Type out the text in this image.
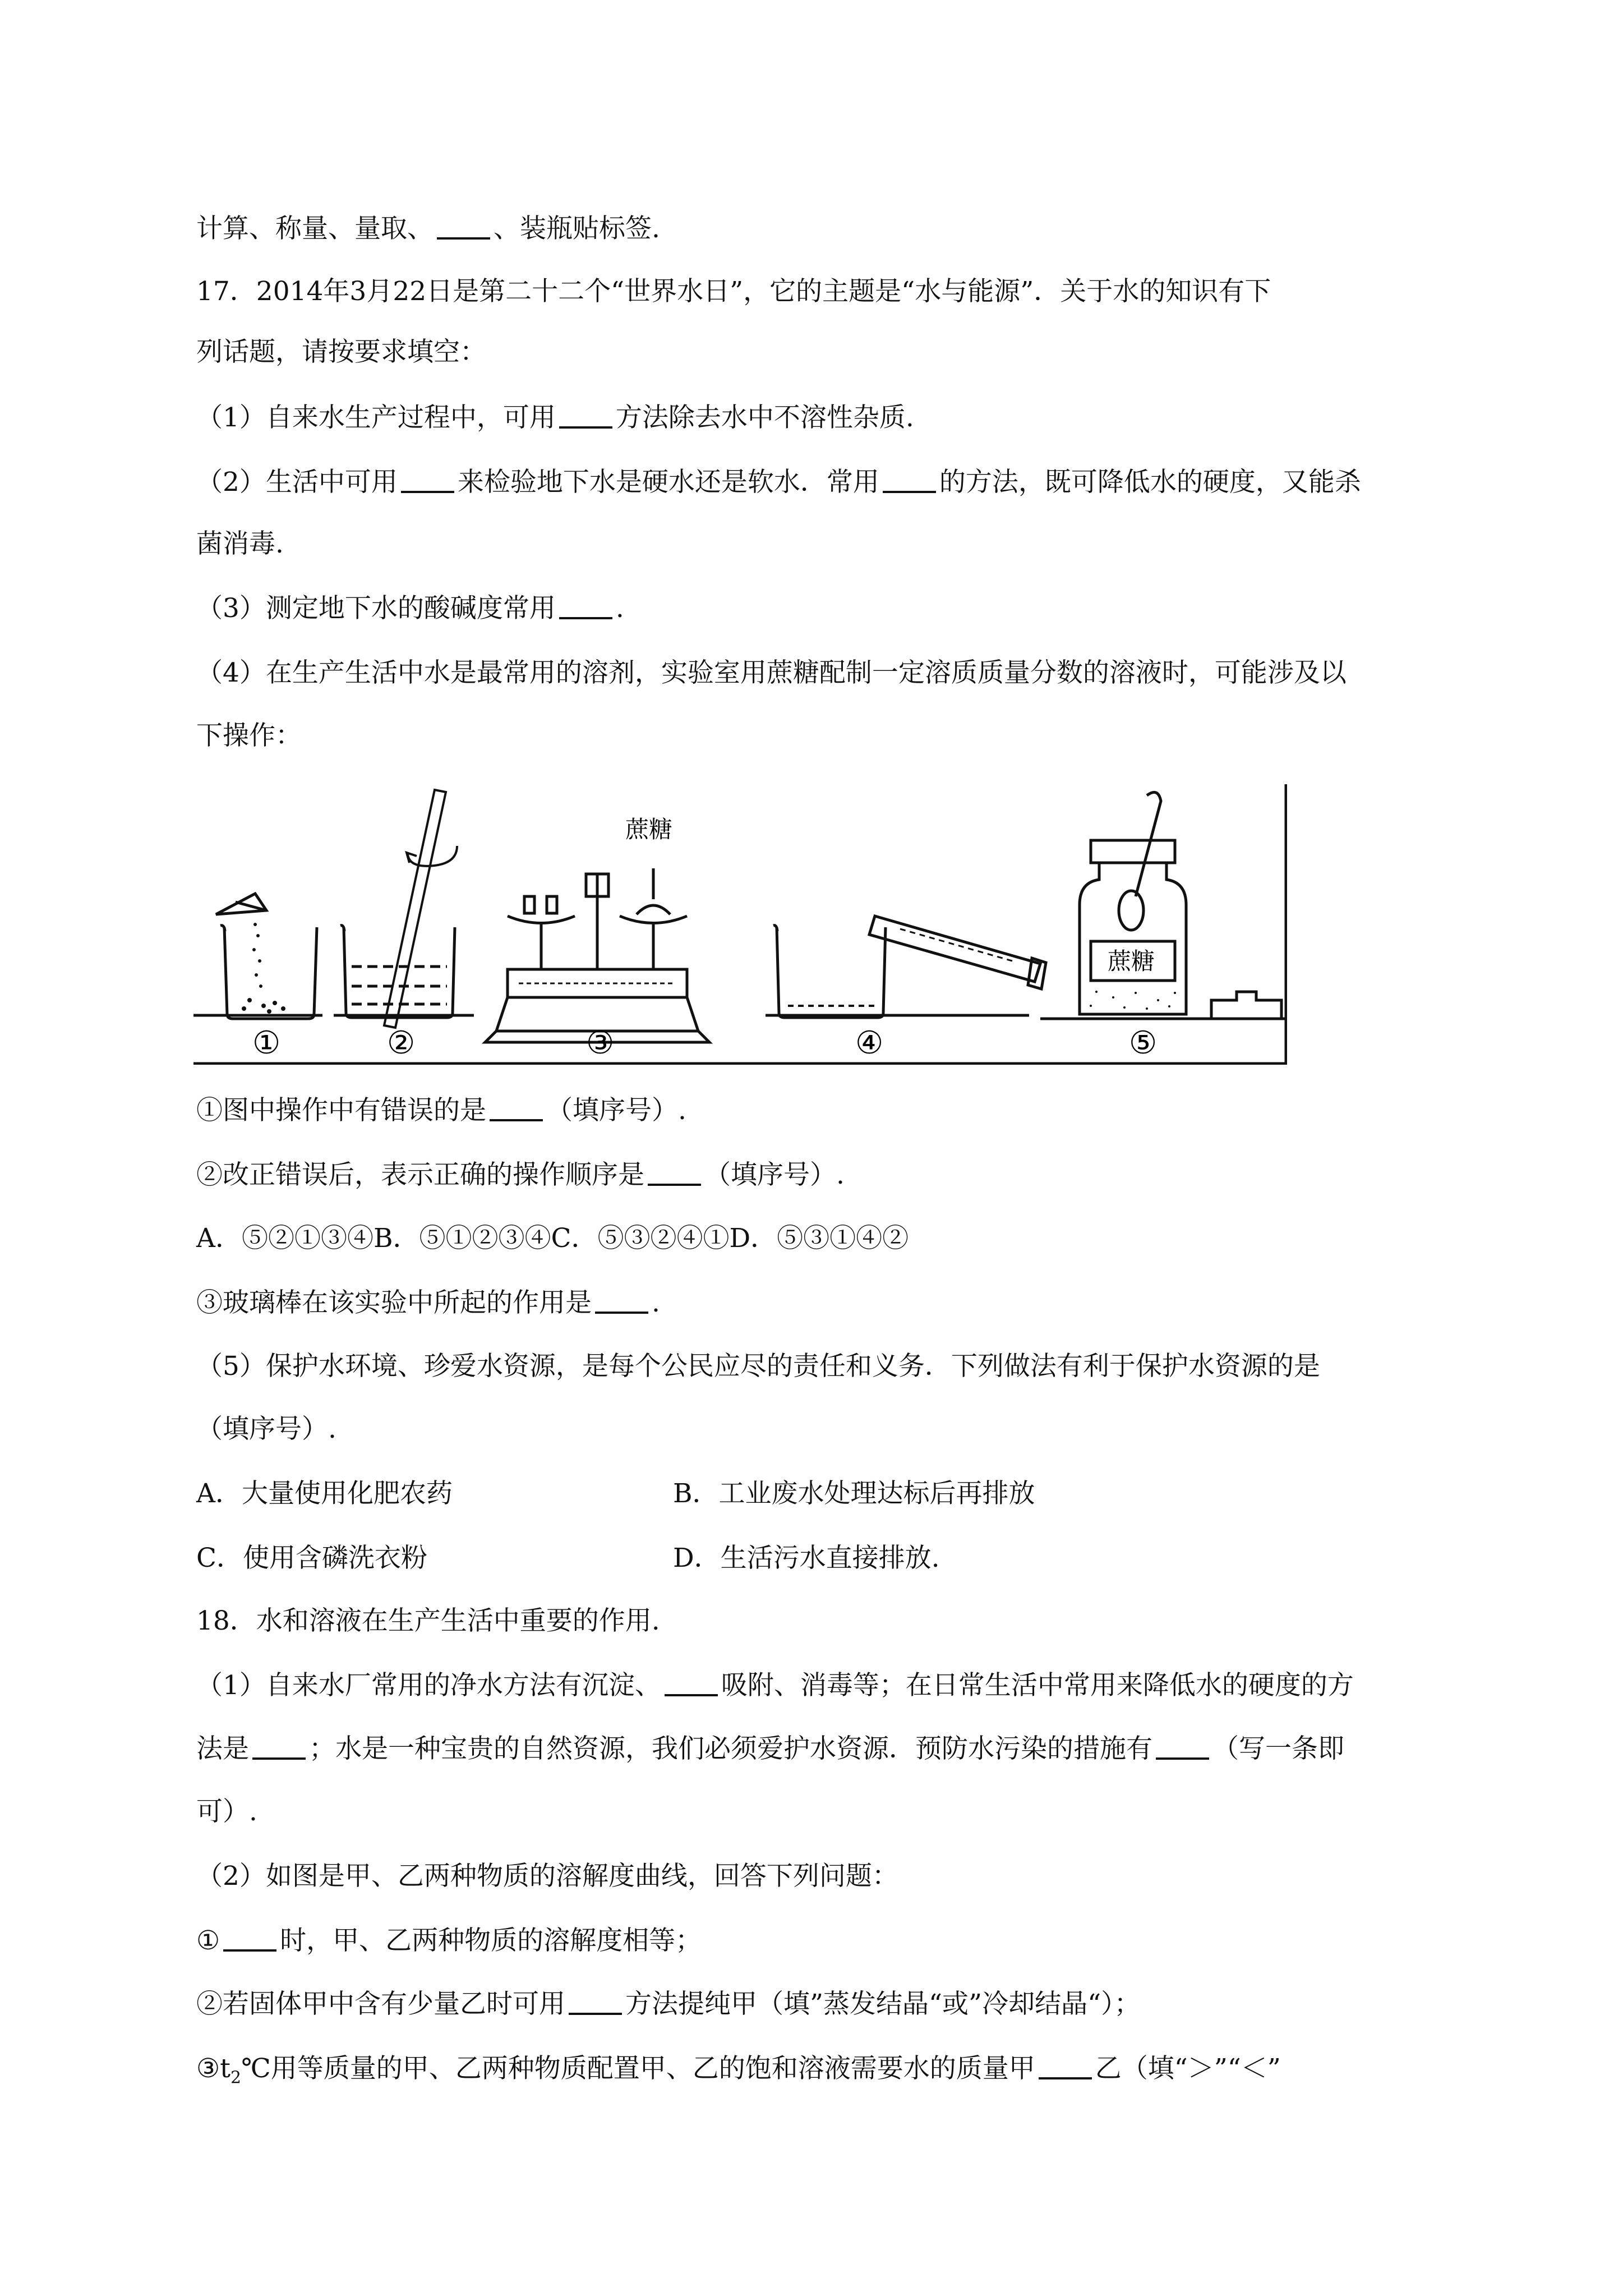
计算、称量、量取、 、装瓶贴标签.
17．2014年3月22日是第二十二个“世界水日”，它的主题是“水与能源”．关于水的知识有下
列话题，请按要求填空：
（1）自来水生产过程中，可用 方法除去水中不溶性杂质.
（2）生活中可用 来检验地下水是硬水还是软水．常用 的方法，既可降低水的硬度，又能杀
菌消毒.
（3）测定地下水的酸碱度常用 .
（4）在生产生活中水是最常用的溶剂，实验室用蔗糖配制一定溶质质量分数的溶液时，可能涉及以
下操作：
蔗糖
蔗糖
①	②	③	④	⑤
①图中操作中有错误的是 （填序号）.
②改正错误后，表示正确的操作顺序是 （填序号）.
A．⑤②①③④B．⑤①②③④C．⑤③②④①D．⑤③①④②
③玻璃棒在该实验中所起的作用是 .
（5）保护水环境、珍爱水资源，是每个公民应尽的责任和义务．下列做法有利于保护水资源的是
（填序号）.
A．大量使用化肥农药	B．工业废水处理达标后再排放
C．使用含磷洗衣粉	D．生活污水直接排放.
18．水和溶液在生产生活中重要的作用.
（1）自来水厂常用的净水方法有沉淀、 吸附、消毒等；在日常生活中常用来降低水的硬度的方
法是 ；水是一种宝贵的自然资源，我们必须爱护水资源．预防水污染的措施有 （写一条即
可）.
（2）如图是甲、乙两种物质的溶解度曲线，回答下列问题：
① 时，甲、乙两种物质的溶解度相等；
②若固体甲中含有少量乙时可用 方法提纯甲（填”蒸发结晶“或”冷却结晶“）；
$③t_2℃$用等质量的甲、乙两种物质配置甲、乙的饱和溶液需要水的质量甲 乙（填“＞”“＜”
